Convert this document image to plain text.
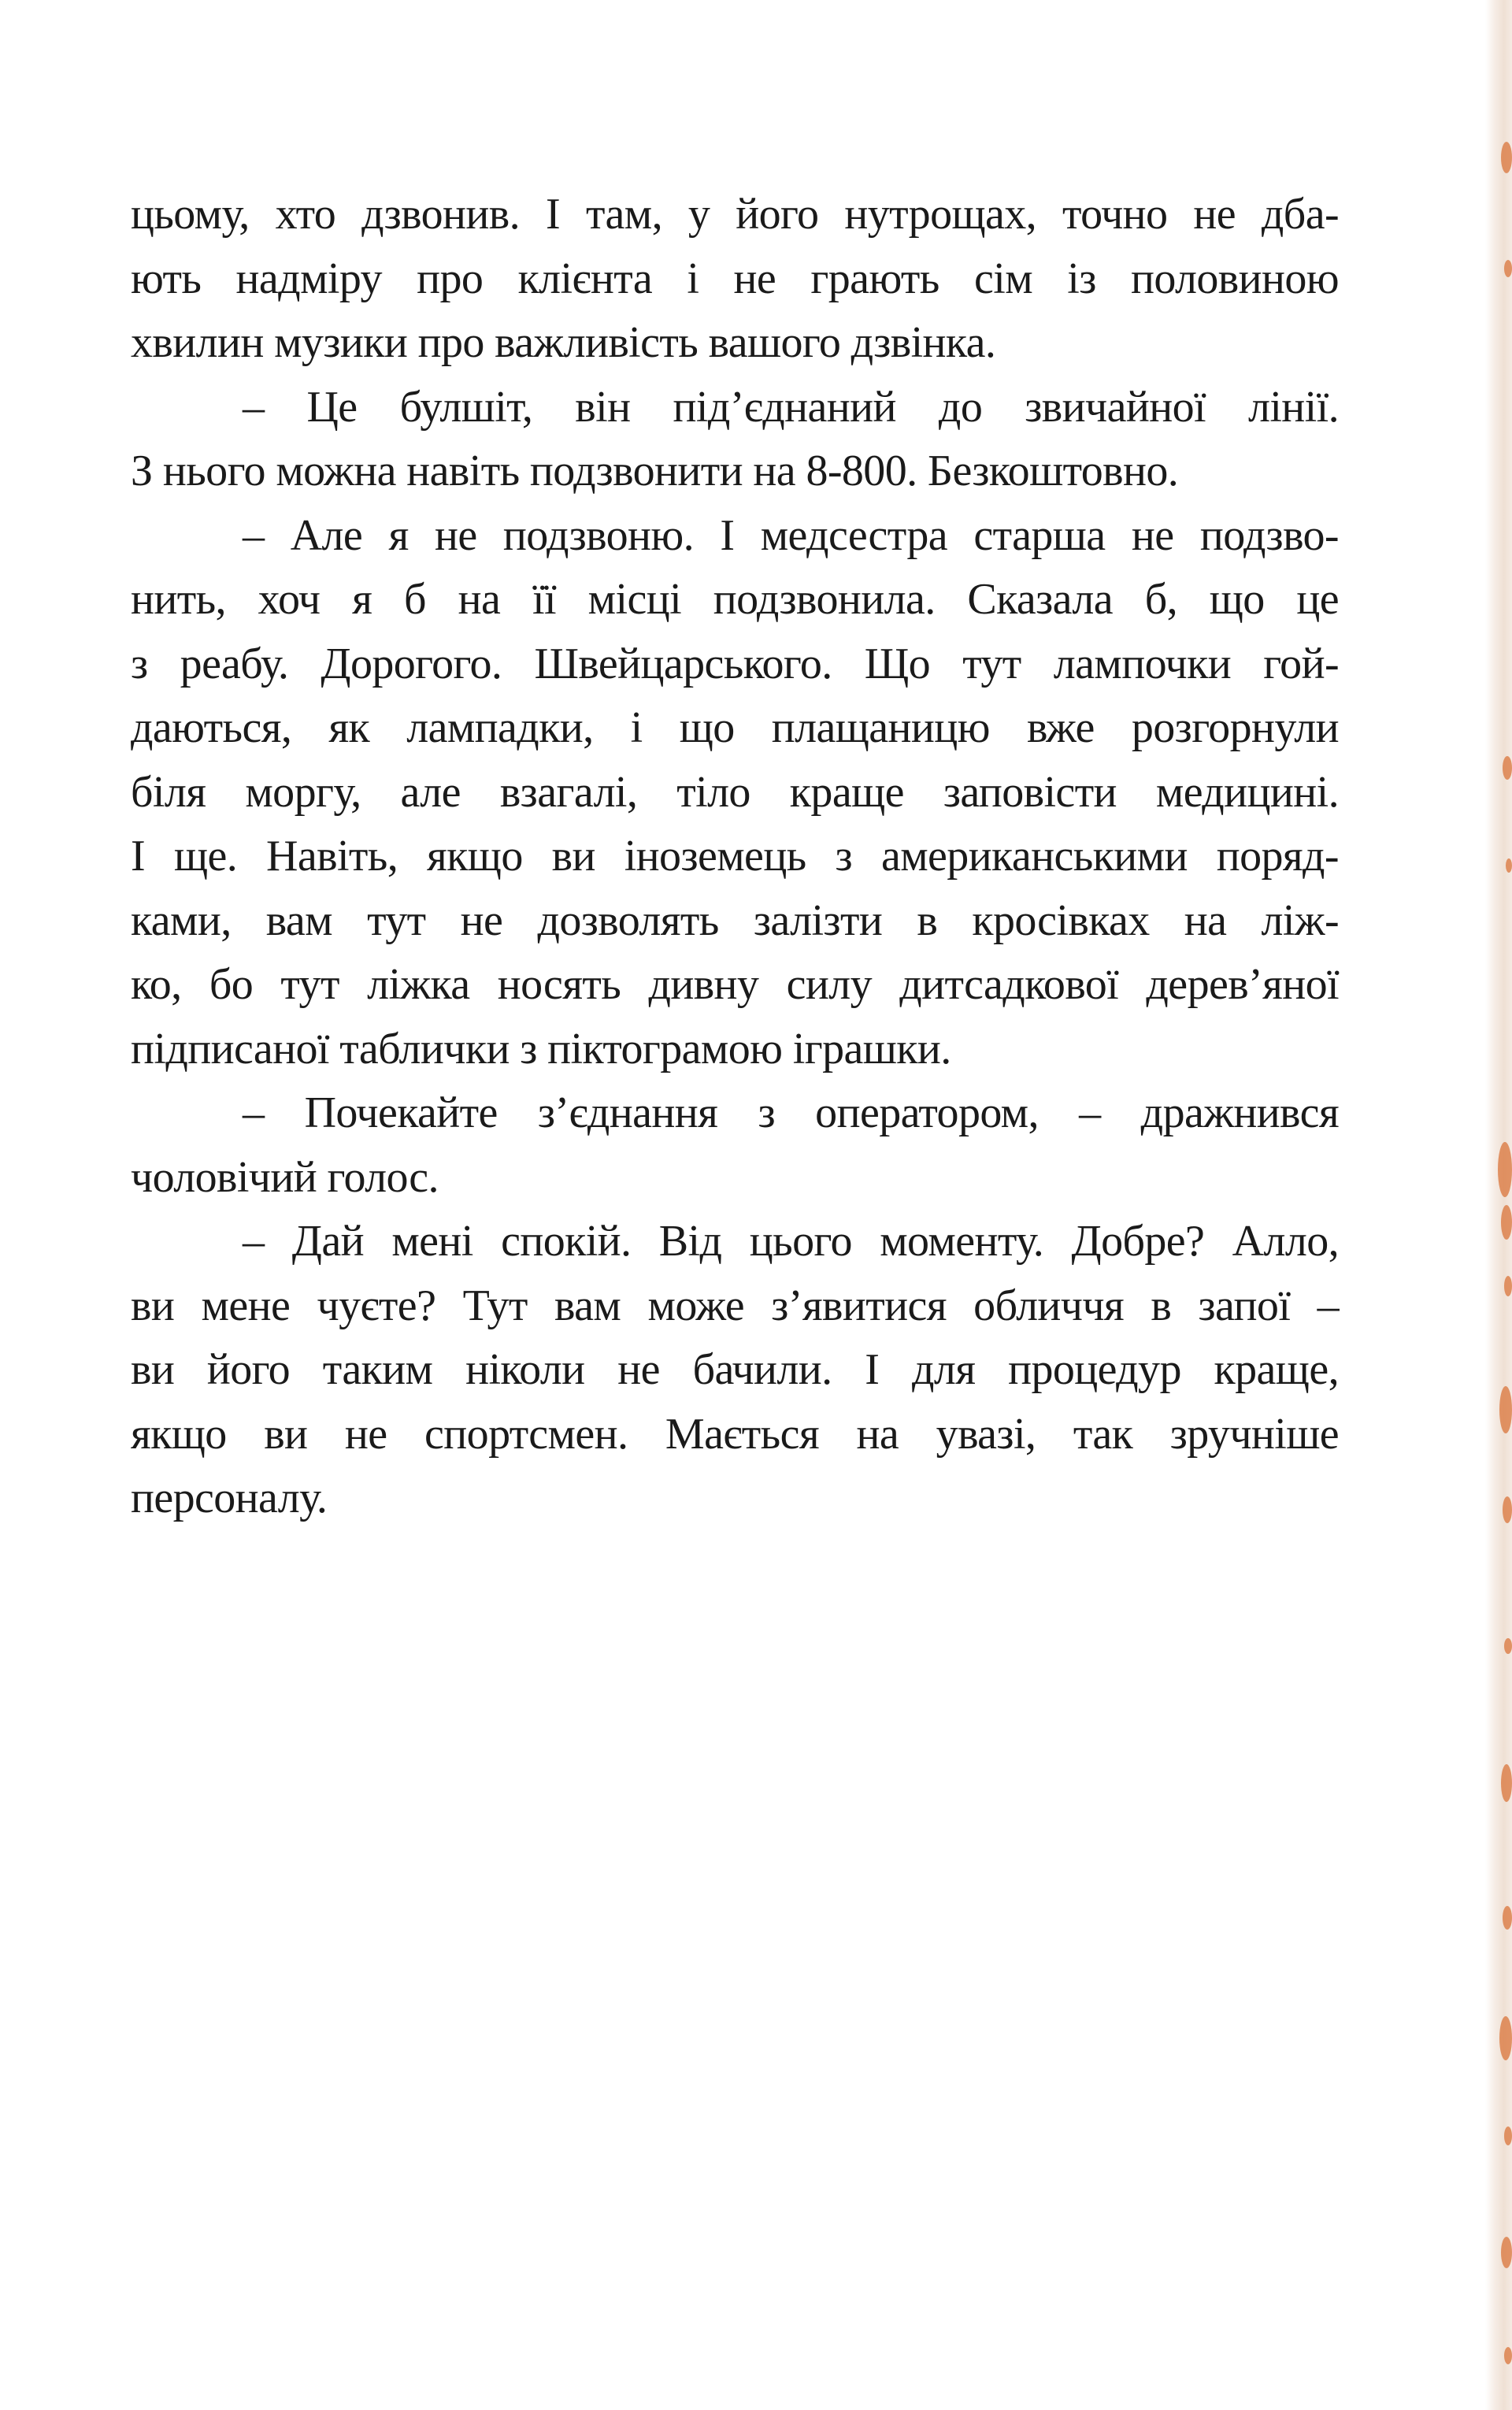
цьому, хто дзвонив. І там, у його нутрощах, точно не дба-
ють надміру про клієнта і не грають сім із половиною
хвилин музики про важливість вашого дзвінка.
– Це булшіт, він під’єднаний до звичайної лінії.
З нього можна навіть подзвонити на 8-800. Безкоштовно.
– Але я не подзвоню. І медсестра старша не подзво-
нить, хоч я б на її місці подзвонила. Сказала б, що це
з реабу. Дорогого. Швейцарського. Що тут лампочки гой-
даються, як лампадки, і що плащаницю вже розгорнули
біля моргу, але взагалі, тіло краще заповісти медицині.
І ще. Навіть, якщо ви іноземець з американськими поряд-
ками, вам тут не дозволять залізти в кросівках на ліж-
ко, бо тут ліжка носять дивну силу дитсадкової дерев’яної
підписаної таблички з піктограмою іграшки.
– Почекайте з’єднання з оператором, – дражнився
чоловічий голос.
– Дай мені спокій. Від цього моменту. Добре? Алло,
ви мене чуєте? Тут вам може з’явитися обличчя в запої –
ви його таким ніколи не бачили. І для процедур краще,
якщо ви не спортсмен. Мається на увазі, так зручніше
персоналу.
